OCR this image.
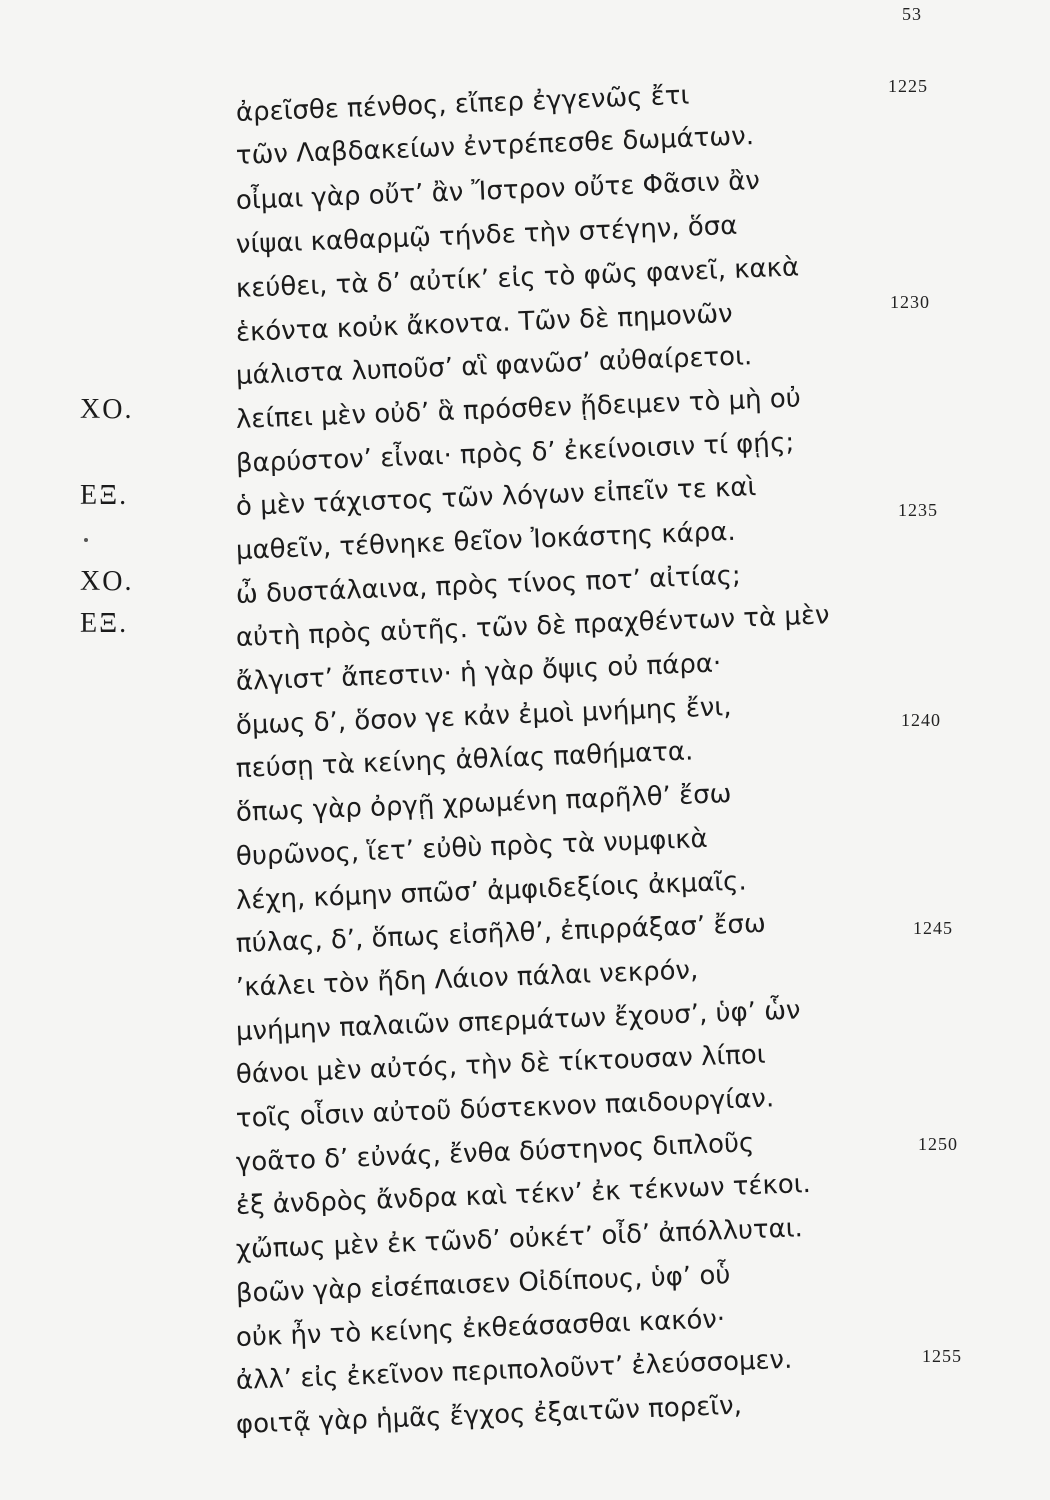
53
ἀρεῖσθε πένθος, εἴπερ ἐγγενῶς ἔτι
τῶν Λαβδακείων ἐντρέπεσθε δωμάτων.
οἶμαι γὰρ οὔτ’ ἂν Ἴστρον οὔτε Φᾶσιν ἂν
νίψαι καθαρμῷ τήνδε τὴν στέγην, ὅσα
κεύθει, τὰ δ’ αὐτίκ’ εἰς τὸ φῶς φανεῖ, κακὰ
ἑκόντα κοὐκ ἄκοντα. Τῶν δὲ πημονῶν
μάλιστα λυποῦσ’ αἳ φανῶσ’ αὐθαίρετοι.
λείπει μὲν οὐδ’ ἃ πρόσθεν ᾔδειμεν τὸ μὴ οὐ
βαρύστον’ εἶναι· πρὸς δ’ ἐκείνοισιν τί φῄς;
ὁ μὲν τάχιστος τῶν λόγων εἰπεῖν τε καὶ
μαθεῖν, τέθνηκε θεῖον Ἰοκάστης κάρα.
ὦ δυστάλαινα, πρὸς τίνος ποτ’ αἰτίας;
αὐτὴ πρὸς αὑτῆς. τῶν δὲ πραχθέντων τὰ μὲν
ἄλγιστ’ ἄπεστιν· ἡ γὰρ ὄψις οὐ πάρα·
ὅμως δ’, ὅσον γε κἀν ἐμοὶ μνήμης ἔνι,
πεύσῃ τὰ κείνης ἀθλίας παθήματα.
ὅπως γὰρ ὀργῇ χρωμένη παρῆλθ’ ἔσω
θυρῶνος, ἵετ’ εὐθὺ πρὸς τὰ νυμφικὰ
λέχη, κόμην σπῶσ’ ἀμφιδεξίοις ἀκμαῖς.
πύλας, δ’, ὅπως εἰσῆλθ’, ἐπιρράξασ’ ἔσω
’κάλει τὸν ἤδη Λάιον πάλαι νεκρόν,
μνήμην παλαιῶν σπερμάτων ἔχουσ’, ὑφ’ ὧν
θάνοι μὲν αὐτός, τὴν δὲ τίκτουσαν λίποι
τοῖς οἷσιν αὐτοῦ δύστεκνον παιδουργίαν.
γοᾶτο δ’ εὐνάς, ἔνθα δύστηνος διπλοῦς
ἐξ ἀνδρὸς ἄνδρα καὶ τέκν’ ἐκ τέκνων τέκοι.
χὤπως μὲν ἐκ τῶνδ’ οὐκέτ’ οἶδ’ ἀπόλλυται.
βοῶν γὰρ εἰσέπαισεν Οἰδίπους, ὑφ’ οὗ
οὐκ ἦν τὸ κείνης ἐκθεάσασθαι κακόν·
ἀλλ’ εἰς ἐκεῖνον περιπολοῦντ’ ἐλεύσσομεν.
φοιτᾷ γὰρ ἡμᾶς ἔγχος ἐξαιτῶν πορεῖν,
ΧΟ.
ΕΞ.
ΧΟ.
ΕΞ.
1225
1230
1235
1240
1245
1250
1255
